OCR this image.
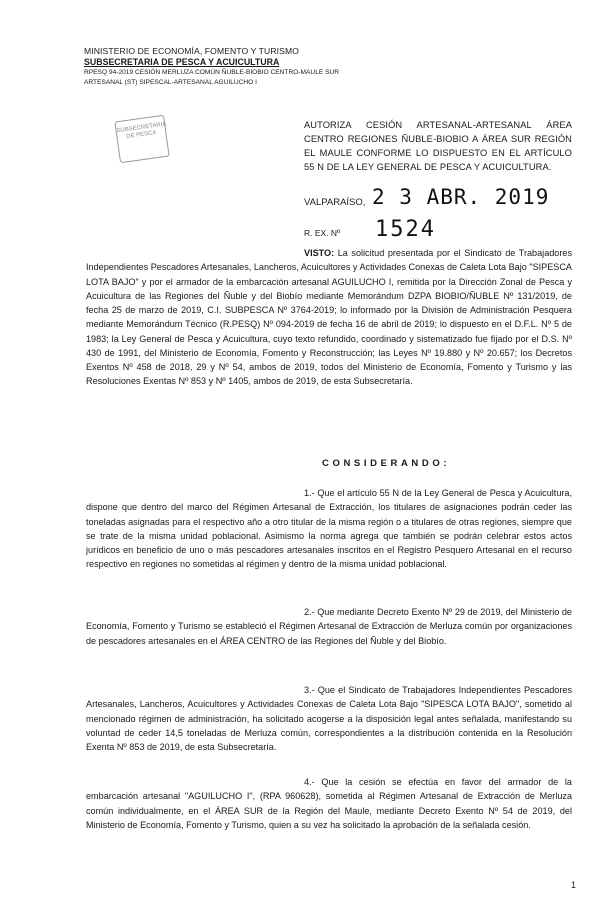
MINISTERIO DE ECONOMÍA, FOMENTO Y TURISMO
SUBSECRETARIA DE PESCA Y ACUICULTURA
RPESQ 94-2019 CESIÓN MERLUZA COMÚN ÑUBLE-BIOBIO CENTRO-MAULE SUR
ARTESANAL (ST) SIPESCAL-ARTESANAL AGUILUCHO I
SUBSECRETARIA DE PESCA
AUTORIZA CESIÓN ARTESANAL-ARTESANAL ÁREA CENTRO REGIONES ÑUBLE-BIOBIO A ÁREA SUR REGIÓN EL MAULE CONFORME LO DISPUESTO EN EL ARTÍCULO 55 N DE LA LEY GENERAL DE PESCA Y ACUICULTURA.
VALPARAÍSO, 2 3 ABR. 2019
R. EX. Nº 1524

VISTO: La solicitud presentada por el Sindicato de Trabajadores Independientes Pescadores Artesanales, Lancheros, Acuicultores y Actividades Conexas de Caleta Lota Bajo "SIPESCA LOTA BAJO" y por el armador de la embarcación artesanal AGUILUCHO I, remitida por la Dirección Zonal de Pesca y Acuicultura de las Regiones del Ñuble y del Biobío mediante Memorándum DZPA BIOBIO/ÑUBLE Nº 131/2019, de fecha 25 de marzo de 2019, C.I. SUBPESCA Nº 3764-2019; lo informado por la División de Administración Pesquera mediante Memorándum Técnico (R.PESQ) Nº 094-2019 de fecha 16 de abril de 2019; lo dispuesto en el D.F.L. Nº 5 de 1983; la Ley General de Pesca y Acuicultura, cuyo texto refundido, coordinado y sistematizado fue fijado por el D.S. Nº 430 de 1991, del Ministerio de Economía, Fomento y Reconstrucción; las Leyes Nº 19.880 y Nº 20.657; los Decretos Exentos Nº 458 de 2018, 29 y Nº 54, ambos de 2019, todos del Ministerio de Economía, Fomento y Turismo y las Resoluciones Exentas Nº 853 y Nº 1405, ambos de 2019, de esta Subsecretaría.

CONSIDERANDO:

1.- Que el artículo 55 N de la Ley General de Pesca y Acuicultura, dispone que dentro del marco del Régimen Artesanal de Extracción, los titulares de asignaciones podrán ceder las toneladas asignadas para el respectivo año a otro titular de la misma región o a titulares de otras regiones, siempre que se trate de la misma unidad poblacional. Asimismo la norma agrega que también se podrán celebrar estos actos jurídicos en beneficio de uno o más pescadores artesanales inscritos en el Registro Pesquero Artesanal en el recurso respectivo en regiones no sometidas al régimen y dentro de la misma unidad poblacional.

2.- Que mediante Decreto Exento Nº 29 de 2019, del Ministerio de Economía, Fomento y Turismo se estableció el Régimen Artesanal de Extracción de Merluza común por organizaciones de pescadores artesanales en el ÁREA CENTRO de las Regiones del Ñuble y del Biobío.

3.- Que el Sindicato de Trabajadores Independientes Pescadores Artesanales, Lancheros, Acuicultores y Actividades Conexas de Caleta Lota Bajo "SIPESCA LOTA BAJO", sometido al mencionado régimen de administración, ha solicitado acogerse a la disposición legal antes señalada, manifestando su voluntad de ceder 14,5 toneladas de Merluza común, correspondientes a la distribución contenida en la Resolución Exenta Nº 853 de 2019, de esta Subsecretaría.

4.- Que la cesión se efectúa en favor del armador de la embarcación artesanal "AGUILUCHO I", (RPA 960628), sometida al Régimen Artesanal de Extracción de Merluza común individualmente, en el ÁREA SUR de la Región del Maule, mediante Decreto Exento Nº 54 de 2019, del Ministerio de Economía, Fomento y Turismo, quien a su vez ha solicitado la aprobación de la señalada cesión.

1
